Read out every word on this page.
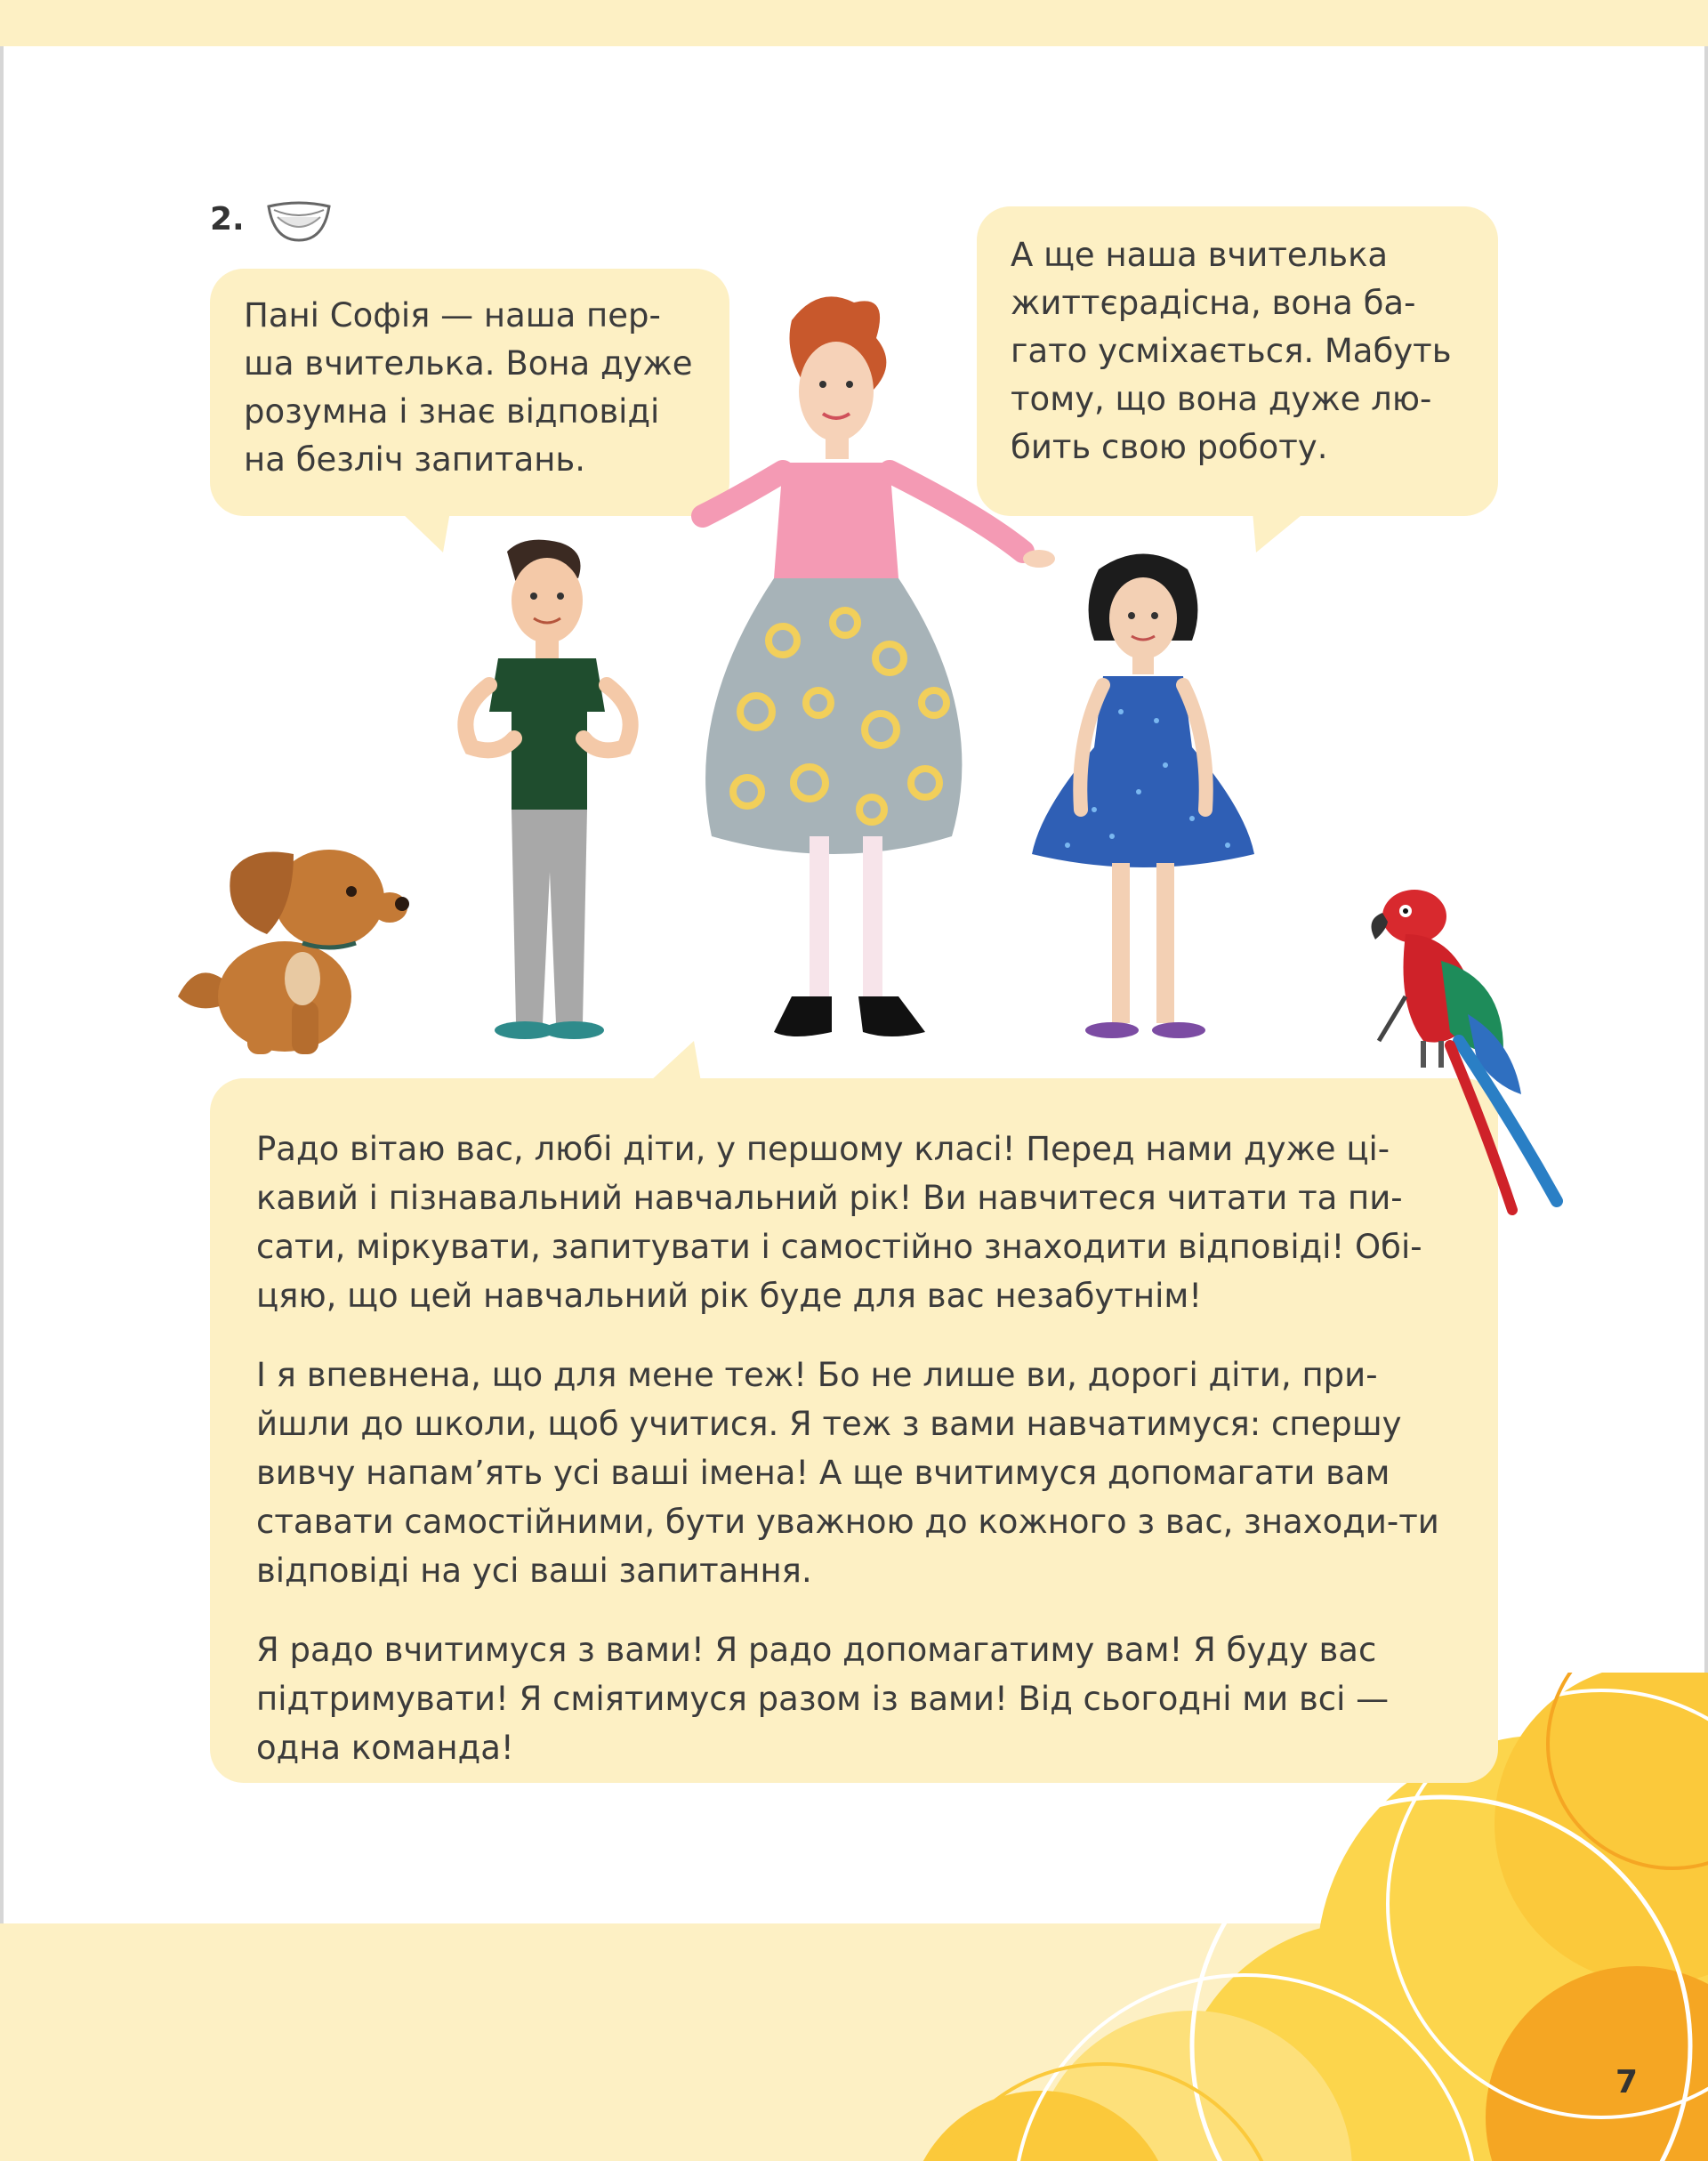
2.

Пані Софія — наша пер-ша вчителька. Вона дуже розумна і знає відповіді на безліч запитань.

А ще наша вчителька життєрадісна, вона ба-гато усміхається. Мабуть тому, що вона дуже лю-бить свою роботу.

Радо вітаю вас, любі діти, у першому класі! Перед нами дуже ці-кавий і пізнавальний навчальний рік! Ви навчитеся читати та пи-сати, міркувати, запитувати і самостійно знаходити відповіді! Обі-цяю, що цей навчальний рік буде для вас незабутнім!

І я впевнена, що для мене теж! Бо не лише ви, дорогі діти, при-йшли до школи, щоб учитися. Я теж з вами навчатимуся: спершу вивчу напам’ять усі ваші імена! А ще вчитимуся допомагати вам ставати самостійними, бути уважною до кожного з вас, знаходи-ти відповіді на усі ваші запитання.

Я радо вчитимуся з вами! Я радо допомагатиму вам! Я буду вас підтримувати! Я сміятимуся разом із вами! Від сьогодні ми всі — одна команда!

7
